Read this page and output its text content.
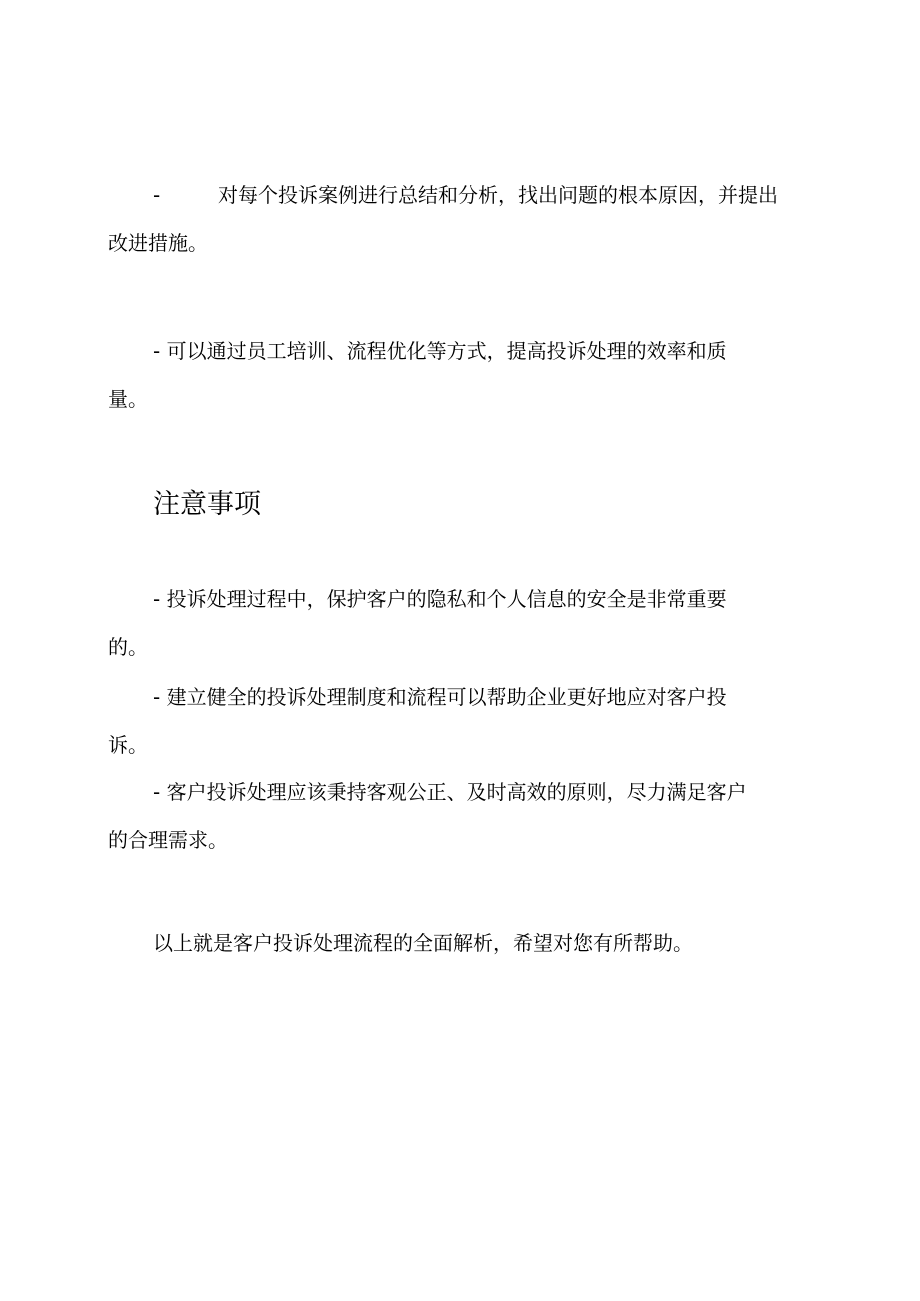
-	对每个投诉案例进行总结和分析，找出问题的根本原因，并提出
改进措施。
- 可以通过员工培训、流程优化等方式，提高投诉处理的效率和质
量。
注意事项
- 投诉处理过程中，保护客户的隐私和个人信息的安全是非常重要
的。
- 建立健全的投诉处理制度和流程可以帮助企业更好地应对客户投
诉。
- 客户投诉处理应该秉持客观公正、及时高效的原则，尽力满足客户
的合理需求。
以上就是客户投诉处理流程的全面解析，希望对您有所帮助。
